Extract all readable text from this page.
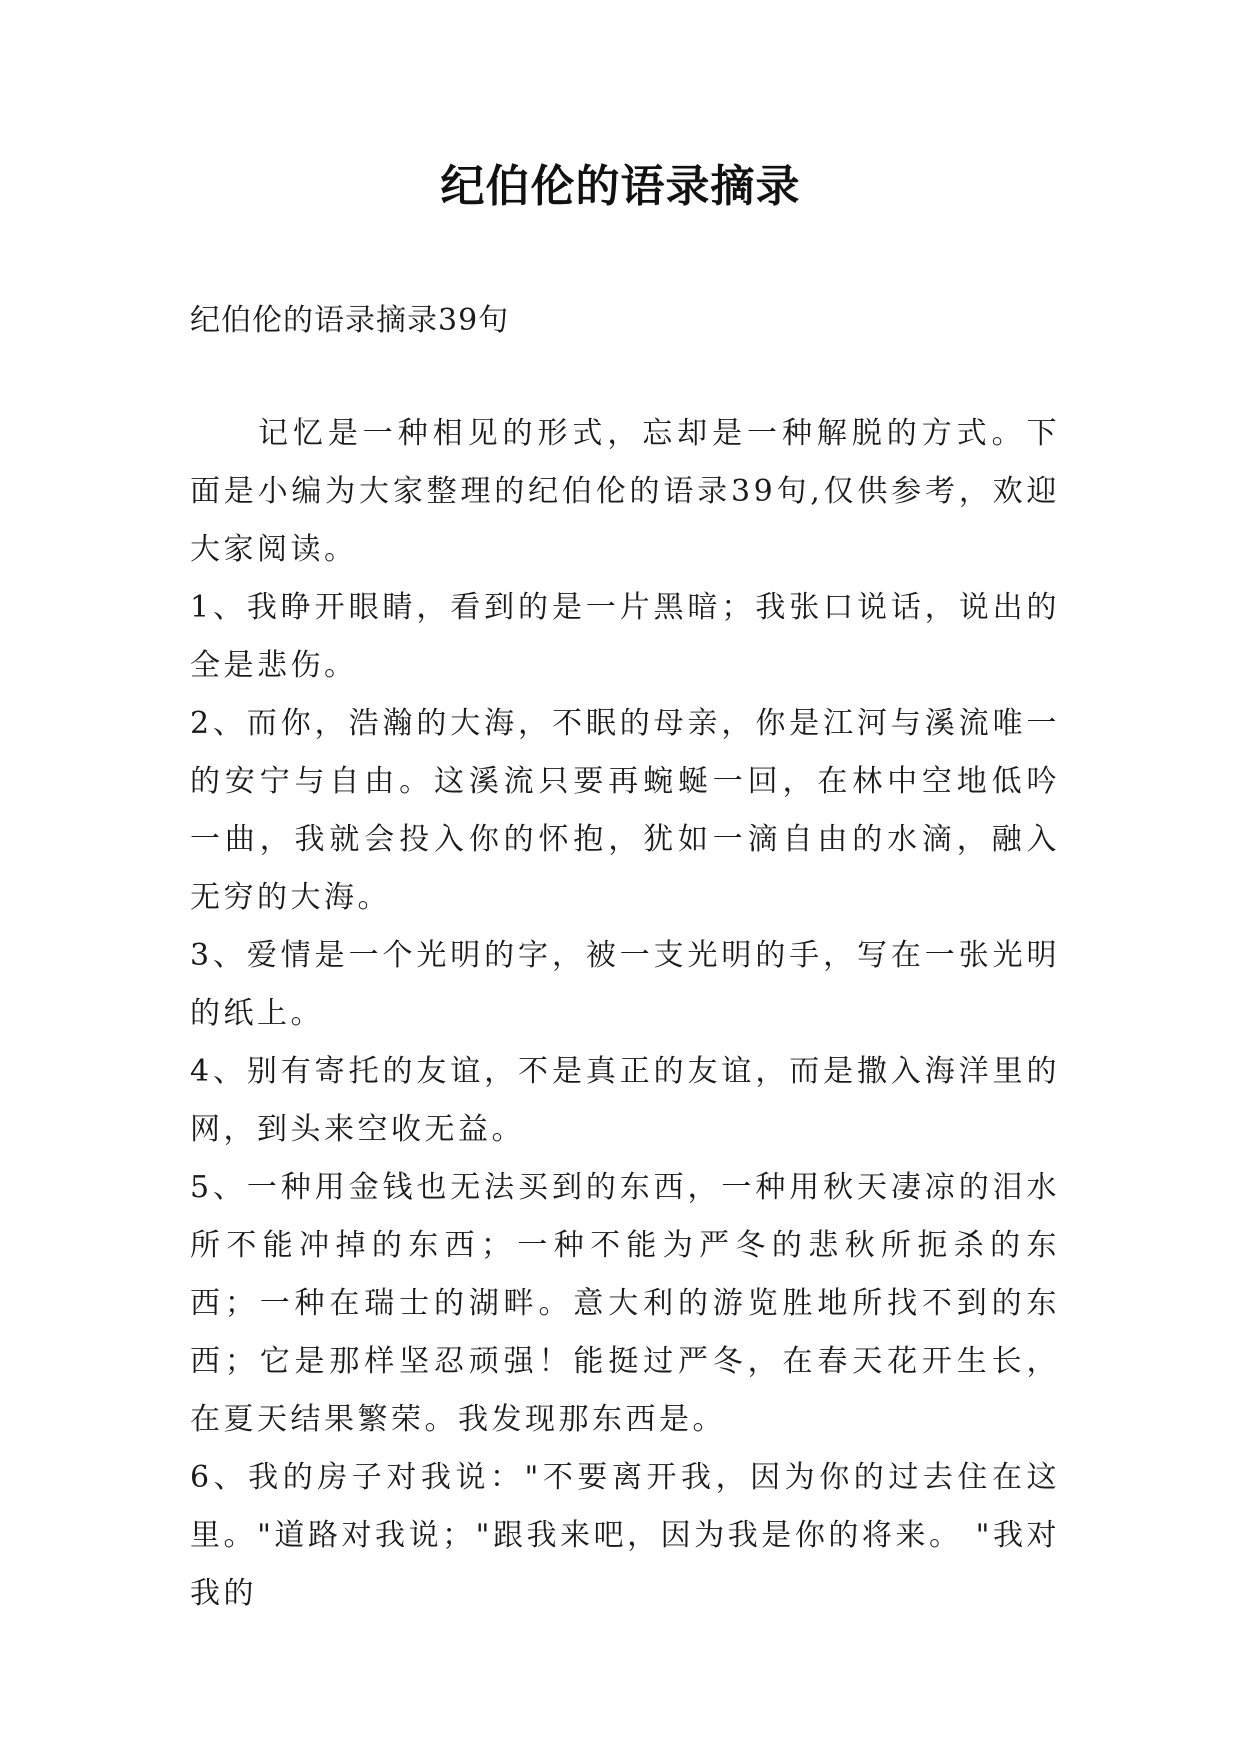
纪伯伦的语录摘录
纪伯伦的语录摘录39句

记忆是一种相见的形式，忘却是一种解脱的方式。下面是小编为大家整理的纪伯伦的语录39句,仅供参考，欢迎大家阅读。

1、我睁开眼睛，看到的是一片黑暗；我张口说话，说出的全是悲伤。

2、而你，浩瀚的大海，不眠的母亲，你是江河与溪流唯一的安宁与自由。这溪流只要再蜿蜒一回，在林中空地低吟一曲，我就会投入你的怀抱，犹如一滴自由的水滴，融入无穷的大海。

3、爱情是一个光明的字，被一支光明的手，写在一张光明的纸上。

4、别有寄托的友谊，不是真正的友谊，而是撒入海洋里的网，到头来空收无益。

5、一种用金钱也无法买到的东西，一种用秋天凄凉的泪水所不能冲掉的东西；一种不能为严冬的悲秋所扼杀的东西；一种在瑞士的湖畔。意大利的游览胜地所找不到的东西；它是那样坚忍顽强！能挺过严冬，在春天花开生长，在夏天结果繁荣。我发现那东西是。

6、我的房子对我说："不要离开我，因为你的过去住在这里。"道路对我说；"跟我来吧，因为我是你的将来。 "我对我的
